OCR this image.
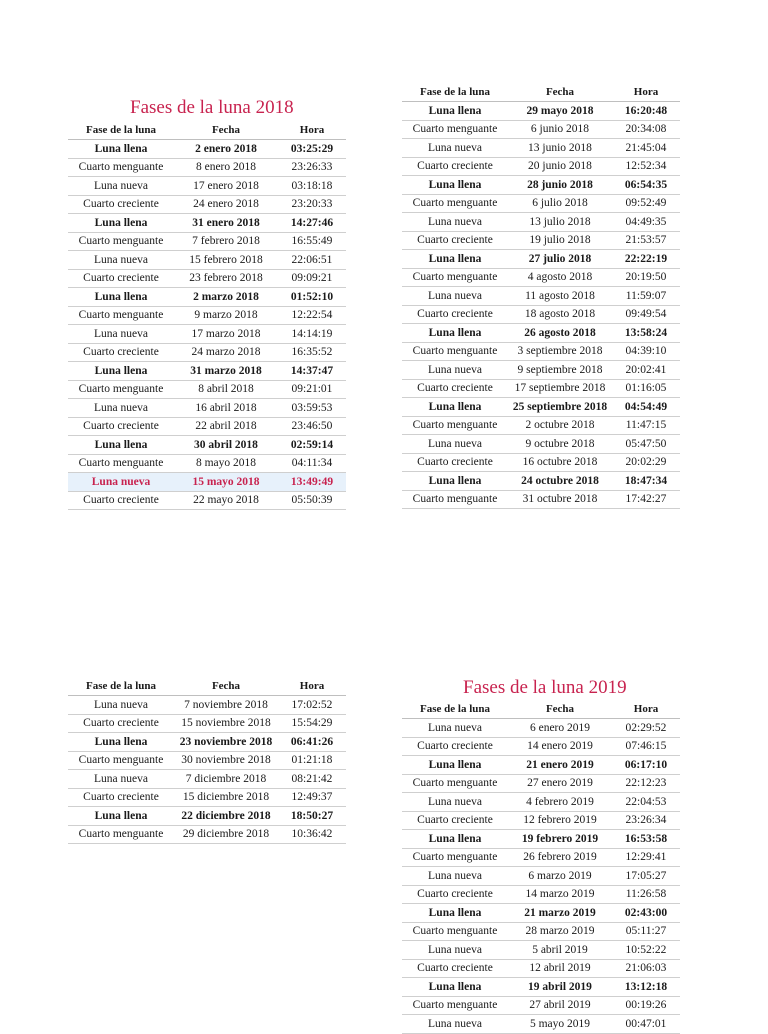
Fases de la luna 2018
Fase de la luna	Fecha	Hora
Luna llena	2 enero 2018	03:25:29
Cuarto menguante	8 enero 2018	23:26:33
Luna nueva	17 enero 2018	03:18:18
Cuarto creciente	24 enero 2018	23:20:33
Luna llena	31 enero 2018	14:27:46
Cuarto menguante	7 febrero 2018	16:55:49
Luna nueva	15 febrero 2018	22:06:51
Cuarto creciente	23 febrero 2018	09:09:21
Luna llena	2 marzo 2018	01:52:10
Cuarto menguante	9 marzo 2018	12:22:54
Luna nueva	17 marzo 2018	14:14:19
Cuarto creciente	24 marzo 2018	16:35:52
Luna llena	31 marzo 2018	14:37:47
Cuarto menguante	8 abril 2018	09:21:01
Luna nueva	16 abril 2018	03:59:53
Cuarto creciente	22 abril 2018	23:46:50
Luna llena	30 abril 2018	02:59:14
Cuarto menguante	8 mayo 2018	04:11:34
Luna nueva	15 mayo 2018	13:49:49
Cuarto creciente	22 mayo 2018	05:50:39
Fase de la luna	Fecha	Hora
Luna llena	29 mayo 2018	16:20:48
Cuarto menguante	6 junio 2018	20:34:08
Luna nueva	13 junio 2018	21:45:04
Cuarto creciente	20 junio 2018	12:52:34
Luna llena	28 junio 2018	06:54:35
Cuarto menguante	6 julio 2018	09:52:49
Luna nueva	13 julio 2018	04:49:35
Cuarto creciente	19 julio 2018	21:53:57
Luna llena	27 julio 2018	22:22:19
Cuarto menguante	4 agosto 2018	20:19:50
Luna nueva	11 agosto 2018	11:59:07
Cuarto creciente	18 agosto 2018	09:49:54
Luna llena	26 agosto 2018	13:58:24
Cuarto menguante	3 septiembre 2018	04:39:10
Luna nueva	9 septiembre 2018	20:02:41
Cuarto creciente	17 septiembre 2018	01:16:05
Luna llena	25 septiembre 2018	04:54:49
Cuarto menguante	2 octubre 2018	11:47:15
Luna nueva	9 octubre 2018	05:47:50
Cuarto creciente	16 octubre 2018	20:02:29
Luna llena	24 octubre 2018	18:47:34
Cuarto menguante	31 octubre 2018	17:42:27
Fase de la luna	Fecha	Hora
Luna nueva	7 noviembre 2018	17:02:52
Cuarto creciente	15 noviembre 2018	15:54:29
Luna llena	23 noviembre 2018	06:41:26
Cuarto menguante	30 noviembre 2018	01:21:18
Luna nueva	7 diciembre 2018	08:21:42
Cuarto creciente	15 diciembre 2018	12:49:37
Luna llena	22 diciembre 2018	18:50:27
Cuarto menguante	29 diciembre 2018	10:36:42
Fases de la luna 2019
Fase de la luna	Fecha	Hora
Luna nueva	6 enero 2019	02:29:52
Cuarto creciente	14 enero 2019	07:46:15
Luna llena	21 enero 2019	06:17:10
Cuarto menguante	27 enero 2019	22:12:23
Luna nueva	4 febrero 2019	22:04:53
Cuarto creciente	12 febrero 2019	23:26:34
Luna llena	19 febrero 2019	16:53:58
Cuarto menguante	26 febrero 2019	12:29:41
Luna nueva	6 marzo 2019	17:05:27
Cuarto creciente	14 marzo 2019	11:26:58
Luna llena	21 marzo 2019	02:43:00
Cuarto menguante	28 marzo 2019	05:11:27
Luna nueva	5 abril 2019	10:52:22
Cuarto creciente	12 abril 2019	21:06:03
Luna llena	19 abril 2019	13:12:18
Cuarto menguante	27 abril 2019	00:19:26
Luna nueva	5 mayo 2019	00:47:01
